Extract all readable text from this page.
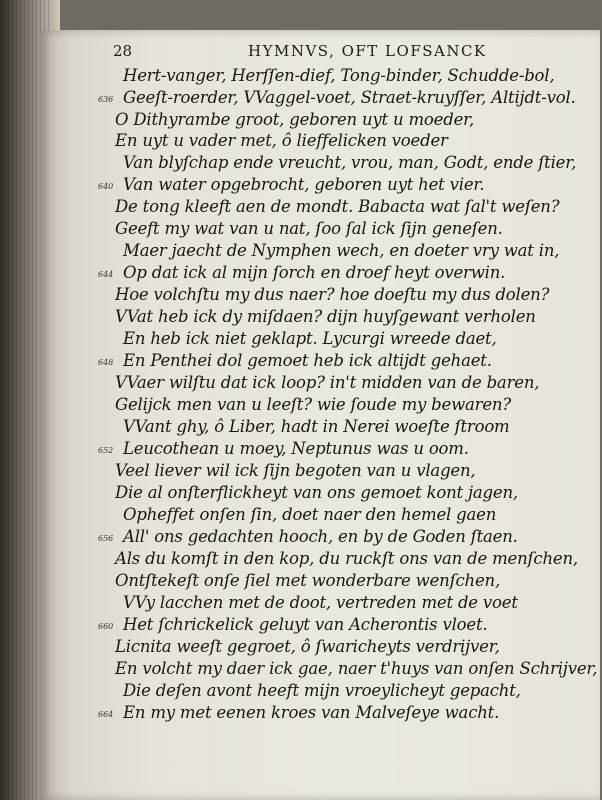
28	HYMNVS, OFT LOFSANCK
Hert-vanger, Herſſen-dief, Tong-binder, Schudde-bol,
Geeſt-roerder, VVaggel-voet, Straet-kruyſſer, Altijdt-vol.
O Dithyrambe groot, geboren uyt u moeder,
En uyt u vader met, ô lieffelicken voeder
Van blyſchap ende vreucht, vrou, man, Godt, ende ſtier,
Van water opgebrocht, geboren uyt het vier.
De tong kleeft aen de mondt. Babacta wat ſal't weſen?
Geeft my wat van u nat, ſoo ſal ick ſijn geneſen.
Maer jaecht de Nymphen wech, en doeter vry wat in,
Op dat ick al mijn ſorch en droef heyt overwin.
Hoe volchſtu my dus naer? hoe doeſtu my dus dolen?
VVat heb ick dy miſdaen? dijn huyſgewant verholen
En heb ick niet geklapt. Lycurgi wreede daet,
En Penthei dol gemoet heb ick altijdt gehaet.
VVaer wilſtu dat ick loop? in't midden van de baren,
Gelijck men van u leeſt? wie ſoude my bewaren?
VVant ghy, ô Liber, hadt in Nerei woeſte ſtroom
Leucothean u moey, Neptunus was u oom.
Veel liever wil ick ſijn begoten van u vlagen,
Die al onſterflickheyt van ons gemoet kont jagen,
Opheffet onſen ſin, doet naer den hemel gaen
All' ons gedachten hooch, en by de Goden ſtaen.
Als du komſt in den kop, du ruckſt ons van de menſchen,
Ontſtekeſt onſe ſiel met wonderbare wenſchen,
VVy lacchen met de doot, vertreden met de voet
Het ſchrickelick geluyt van Acherontis vloet.
Licnita weeſt gegroet, ô ſwaricheyts verdrijver,
En volcht my daer ick gae, naer t'huys van onſen Schrijver,
Die deſen avont heeft mijn vroeylicheyt gepacht,
En my met eenen kroes van Malveſeye wacht.
636
640
644
648
652
656
660
664
